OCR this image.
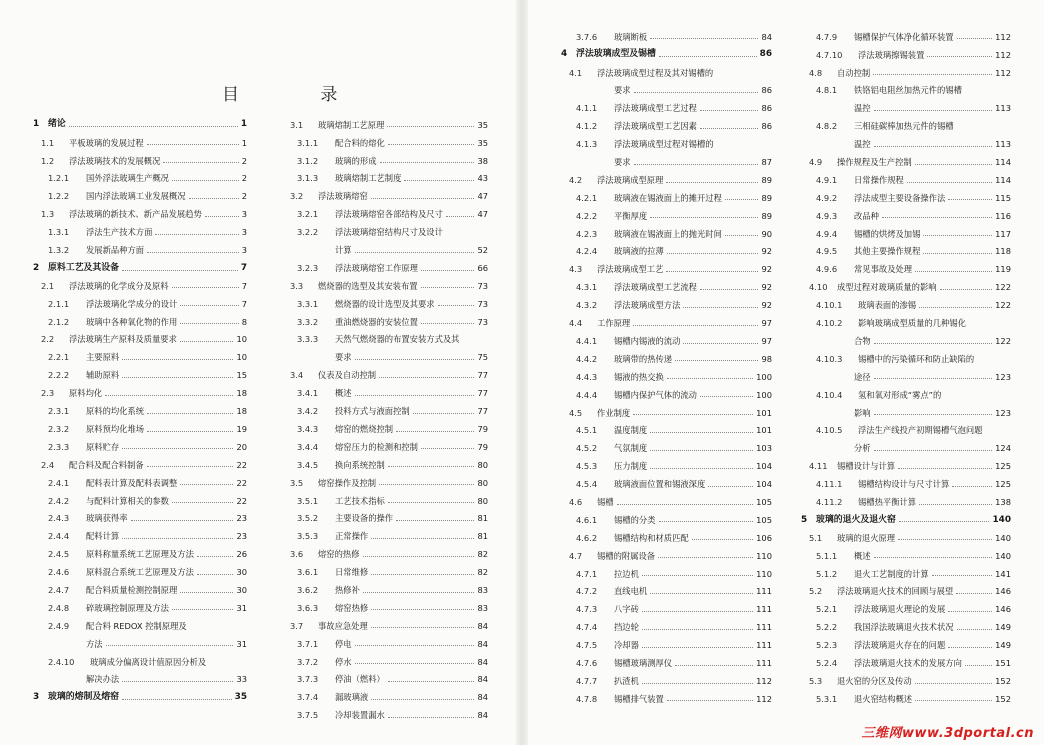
目 录
1 绪论	1
1.1	平板玻璃的发展过程	1
1.2	浮法玻璃技术的发展概况	2
1.2.1	国外浮法玻璃生产概况	2
1.2.2	国内浮法玻璃工业发展概况	2
1.3	浮法玻璃的新技术、新产品发展趋势	3
1.3.1	浮法生产技术方面	3
1.3.2	发展新品种方面	3
2 原料工艺及其设备	7
2.1	浮法玻璃的化学成分及原料	7
2.1.1	浮法玻璃化学成分的设计	7
2.1.2	玻璃中各种氧化物的作用	8
2.2	浮法玻璃生产原料及质量要求	10
2.2.1	主要原料	10
2.2.2	辅助原料	15
2.3	原料均化	18
2.3.1	原料的均化系统	18
2.3.2	原料预均化堆场	19
2.3.3	原料贮存	20
2.4	配合料及配合料制备	22
2.4.1	配料表计算及配料表调整	22
2.4.2	与配料计算相关的参数	22
2.4.3	玻璃获得率	23
2.4.4	配料计算	23
2.4.5	原料称量系统工艺原理及方法	26
2.4.6	原料混合系统工艺原理及方法	30
2.4.7	配合料质量检测控制原理	30
2.4.8	碎玻璃控制原理及方法	31
2.4.9	配合料 REDOX 控制原理及
方法	31
2.4.10	玻璃成分偏离设计值原因分析及
解决办法	33
3 玻璃的熔制及熔窑	35
3.1	玻璃熔制工艺原理	35
3.1.1	配合料的熔化	35
3.1.2	玻璃的形成	38
3.1.3	玻璃熔制工艺制度	43
3.2	浮法玻璃熔窑	47
3.2.1	浮法玻璃熔窑各部结构及尺寸	47
3.2.2	浮法玻璃熔窑结构尺寸及设计
计算	52
3.2.3	浮法玻璃熔窑工作原理	66
3.3	燃烧器的选型及其安装布置	73
3.3.1	燃烧器的设计选型及其要求	73
3.3.2	重油燃烧器的安装位置	73
3.3.3	天然气燃烧器的布置安装方式及其
要求	75
3.4	仪表及自动控制	77
3.4.1	概述	77
3.4.2	投料方式与液面控制	77
3.4.3	熔窑的燃烧控制	79
3.4.4	熔窑压力的检测和控制	79
3.4.5	换向系统控制	80
3.5	熔窑操作及控制	80
3.5.1	工艺技术指标	80
3.5.2	主要设备的操作	81
3.5.3	正常操作	81
3.6	熔窑的热修	82
3.6.1	日常维修	82
3.6.2	热修补	83
3.6.3	熔窑热修	83
3.7	事故应急处理	84
3.7.1	停电	84
3.7.2	停水	84
3.7.3	停油（燃料）	84
3.7.4	漏玻璃液	84
3.7.5	冷却装置漏水	84
3.7.6	玻璃断板	84
4 浮法玻璃成型及锡槽	86
4.1	浮法玻璃成型过程及其对锡槽的
要求	86
4.1.1	浮法玻璃成型工艺过程	86
4.1.2	浮法玻璃成型工艺因素	86
4.1.3	浮法玻璃成型过程对锡槽的
要求	87
4.2	浮法玻璃成型原理	89
4.2.1	玻璃液在锡液面上的摊开过程	89
4.2.2	平衡厚度	89
4.2.3	玻璃液在锡液面上的抛光时间	90
4.2.4	玻璃液的拉薄	92
4.3	浮法玻璃成型工艺	92
4.3.1	浮法玻璃成型工艺流程	92
4.3.2	浮法玻璃成型方法	92
4.4	工作原理	97
4.4.1	锡槽内锡液的流动	97
4.4.2	玻璃带的热传递	98
4.4.3	锡液的热交换	100
4.4.4	锡槽内保护气体的流动	100
4.5	作业制度	101
4.5.1	温度制度	101
4.5.2	气氛制度	103
4.5.3	压力制度	104
4.5.4	玻璃液面位置和锡液深度	104
4.6	锡槽	105
4.6.1	锡槽的分类	105
4.6.2	锡槽结构和材质匹配	106
4.7	锡槽的附属设备	110
4.7.1	拉边机	110
4.7.2	直线电机	111
4.7.3	八字砖	111
4.7.4	挡边轮	111
4.7.5	冷却器	111
4.7.6	锡槽玻璃测厚仪	111
4.7.7	扒渣机	112
4.7.8	锡槽排气装置	112
4.7.9	锡槽保护气体净化循环装置	112
4.7.10	浮法玻璃擦锡装置	112
4.8	自动控制	112
4.8.1	铁铬铝电阻丝加热元件的锡槽
温控	113
4.8.2	三相硅碳棒加热元件的锡槽
温控	113
4.9	操作规程及生产控制	114
4.9.1	日常操作规程	114
4.9.2	浮法成型主要设备操作法	115
4.9.3	改品种	116
4.9.4	锡槽的烘烤及加锡	117
4.9.5	其他主要操作规程	118
4.9.6	常见事故及处理	119
4.10	成型过程对玻璃质量的影响	122
4.10.1	玻璃表面的渗锡	122
4.10.2	影响玻璃成型质量的几种锡化
合物	122
4.10.3	锡槽中的污染循环和防止缺陷的
途径	123
4.10.4	氢和氧对形成“雾点”的
影响	123
4.10.5	浮法生产线投产初期锡槽气泡问题
分析	124
4.11	锡槽设计与计算	125
4.11.1	锡槽结构设计与尺寸计算	125
4.11.2	锡槽热平衡计算	138
5 玻璃的退火及退火窑	140
5.1	玻璃的退火原理	140
5.1.1	概述	140
5.1.2	退火工艺制度的计算	141
5.2	浮法玻璃退火技术的回顾与展望	146
5.2.1	浮法玻璃退火理论的发展	146
5.2.2	我国浮法玻璃退火技术状况	149
5.2.3	浮法玻璃退火存在的问题	149
5.2.4	浮法玻璃退火技术的发展方向	151
5.3	退火窑的分区及传动	152
5.3.1	退火窑结构概述	152
三维网www.3dportal.cn
